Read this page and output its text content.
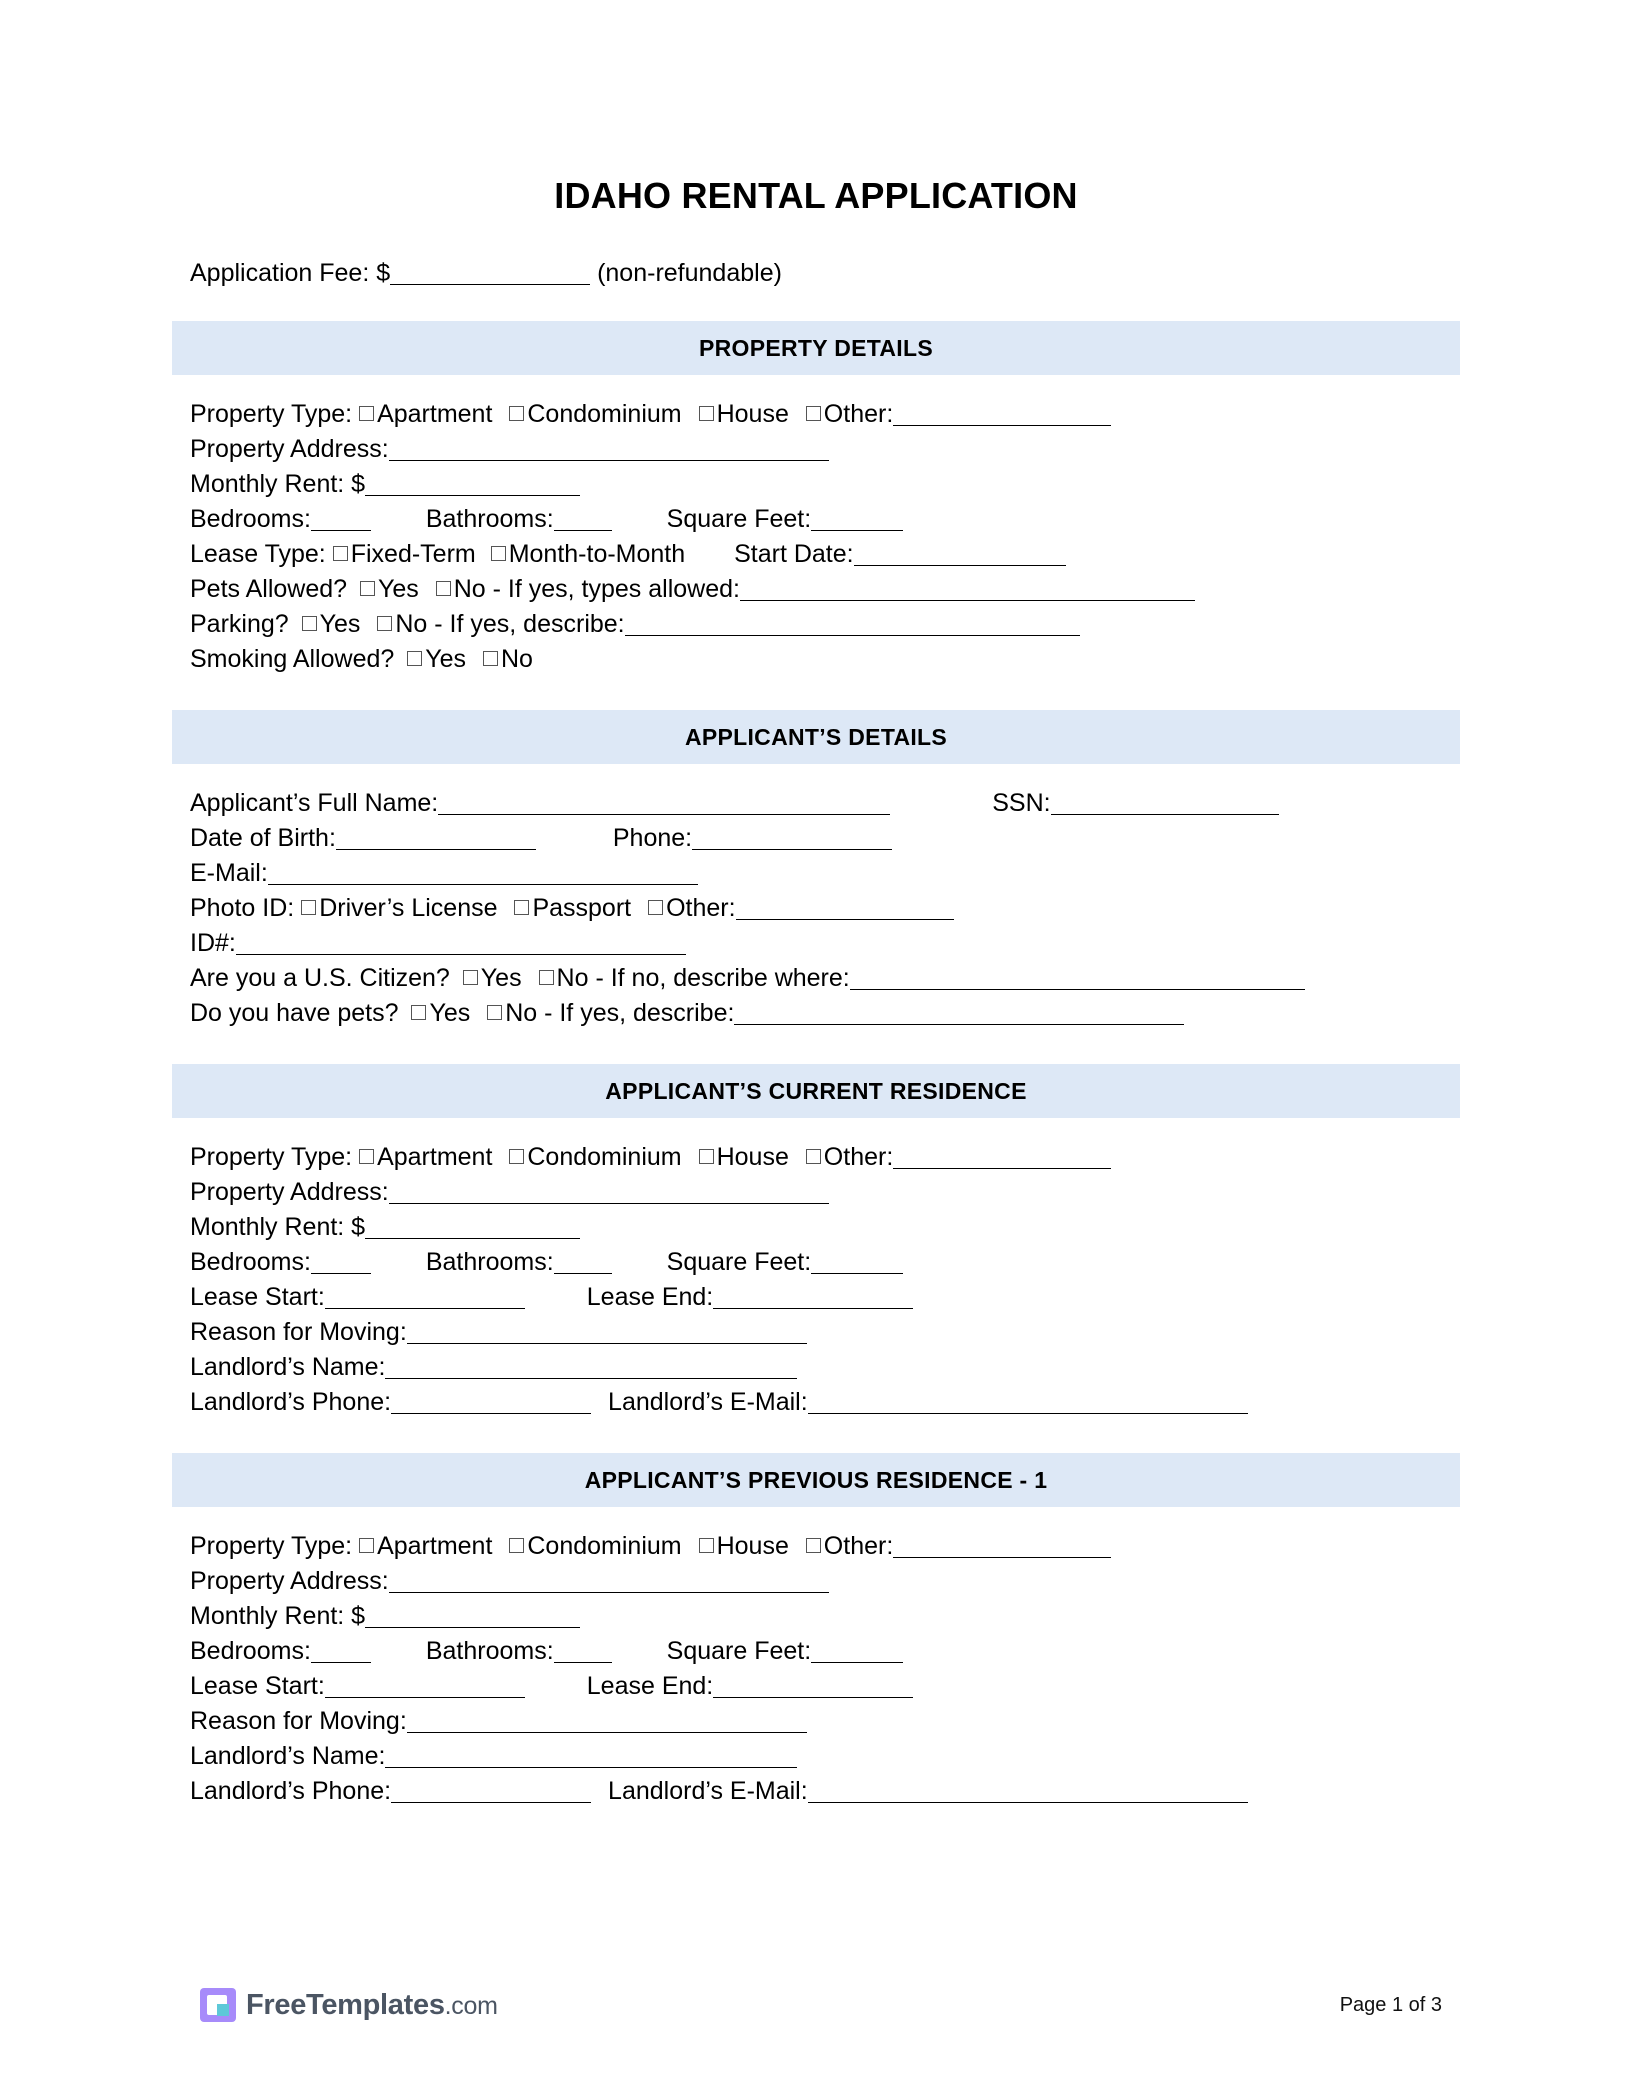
IDAHO RENTAL APPLICATION

Application Fee: $	(non-refundable)

PROPERTY DETAILS

Property Type: Apartment Condominium House Other:

Property Address:

Monthly Rent: $

Bedrooms:	Bathrooms:	Square Feet:

Lease Type: Fixed-Term Month-to-Month Start Date:

Pets Allowed? Yes No - If yes, types allowed:

Parking? Yes No - If yes, describe:

Smoking Allowed? Yes No

APPLICANT’S DETAILS

Applicant’s Full Name:	SSN:

Date of Birth:	Phone:

E-Mail:

Photo ID: Driver’s License Passport Other:

ID#:

Are you a U.S. Citizen? Yes No - If no, describe where:

Do you have pets? Yes No - If yes, describe:

APPLICANT’S CURRENT RESIDENCE

Property Type: Apartment Condominium House Other:

Property Address:

Monthly Rent: $

Bedrooms:	Bathrooms:	Square Feet:

Lease Start:	Lease End:

Reason for Moving:

Landlord’s Name:

Landlord’s Phone:	Landlord’s E-Mail:

APPLICANT’S PREVIOUS RESIDENCE - 1

Property Type: Apartment Condominium House Other:

Property Address:

Monthly Rent: $

Bedrooms:	Bathrooms:	Square Feet:

Lease Start:	Lease End:

Reason for Moving:

Landlord’s Name:

Landlord’s Phone:	Landlord’s E-Mail:

FreeTemplates.com	Page 1 of 3
